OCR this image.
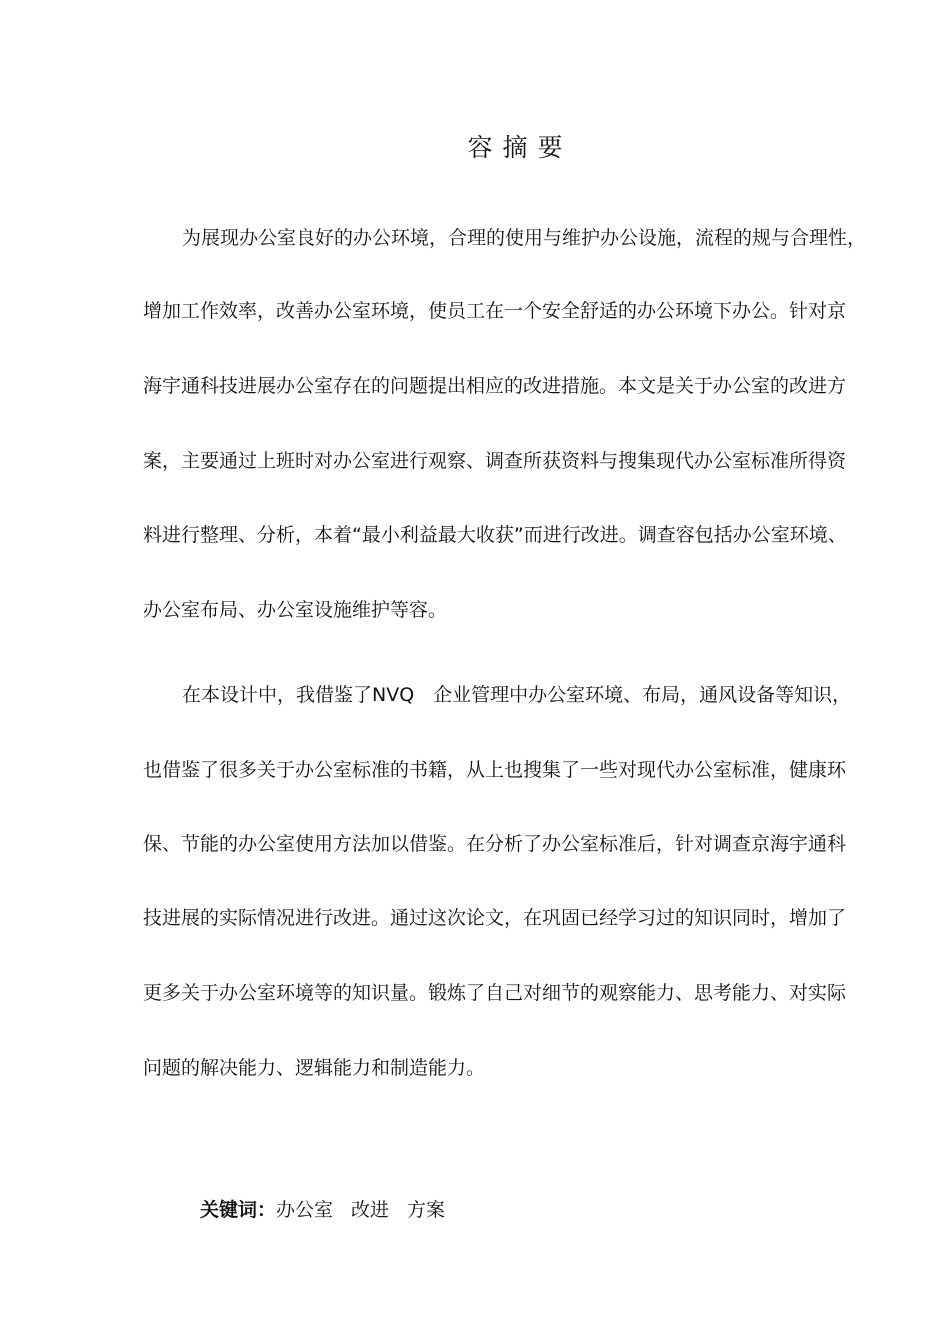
容摘要
为展现办公室良好的办公环境，合理的使用与维护办公设施，流程的规与合理性，
增加工作效率，改善办公室环境，使员工在一个安全舒适的办公环境下办公。针对京
海宇通科技进展办公室存在的问题提出相应的改进措施。本文是关于办公室的改进方
案，主要通过上班时对办公室进行观察、调查所获资料与搜集现代办公室标准所得资
料进行整理、分析，本着“最小利益最大收获”而进行改进。调查容包括办公室环境、
办公室布局、办公室设施维护等容。
在本设计中，我借鉴了NVQ　企业管理中办公室环境、布局，通风设备等知识，
也借鉴了很多关于办公室标准的书籍，从上也搜集了一些对现代办公室标准，健康环
保、节能的办公室使用方法加以借鉴。在分析了办公室标准后，针对调查京海宇通科
技进展的实际情况进行改进。通过这次论文，在巩固已经学习过的知识同时，增加了
更多关于办公室环境等的知识量。锻炼了自己对细节的观察能力、思考能力、对实际
问题的解决能力、逻辑能力和制造能力。
关键词：办公室 改进 方案
